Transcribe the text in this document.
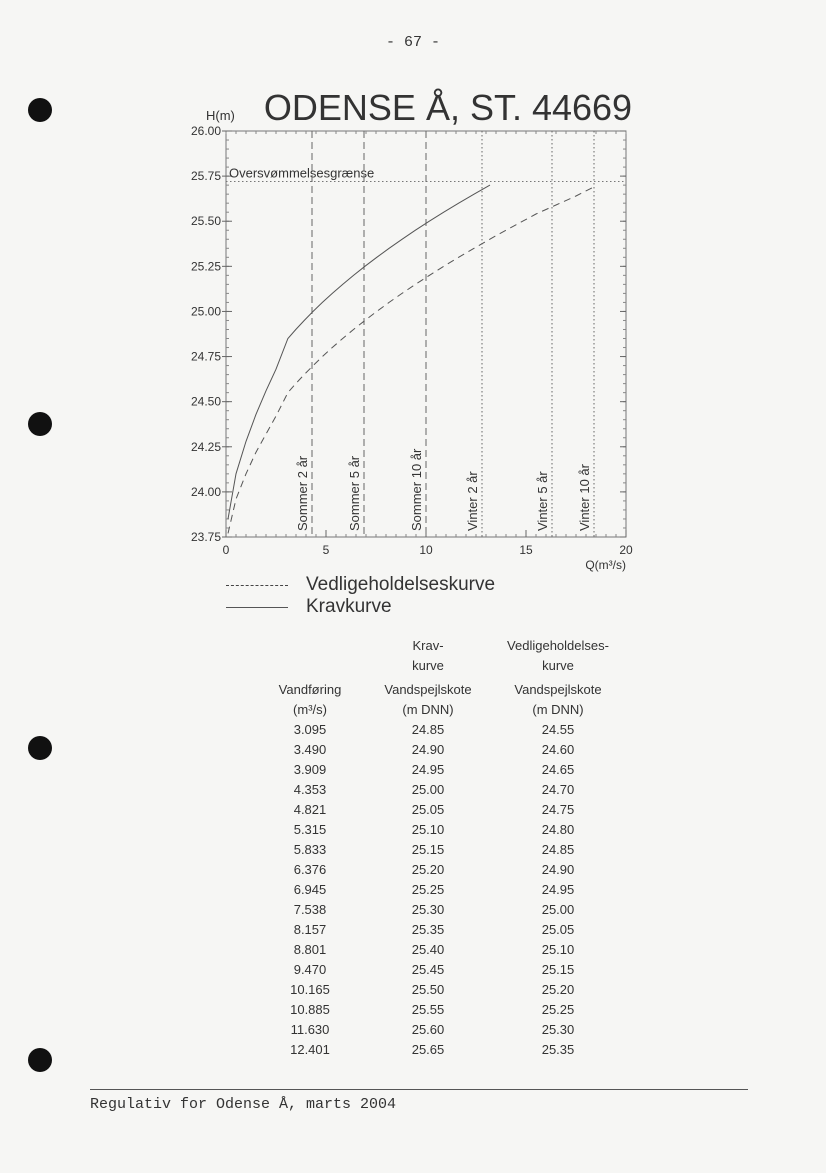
- 67 -
ODENSE Å, ST. 44669
H(m)
26.00
25.75
25.50
25.25
25.00
24.75
24.50
24.25
24.00
23.75
0	5	10	15	20
Q(m³/s)
Oversvømmelsesgrænse
Sommer 2 år	Sommer 5 år	Sommer 10 år	Vinter 2 år	Vinter 5 år Vinter 10 år
Vedligeholdelseskurve
Kravkurve
	Krav-	Vedligeholdelses-
	kurve	kurve
Vandføring	Vandspejlskote	Vandspejlskote
(m³/s)	(m DNN)	(m DNN)
3.095	24.85	24.55
3.490	24.90	24.60
3.909	24.95	24.65
4.353	25.00	24.70
4.821	25.05	24.75
5.315	25.10	24.80
5.833	25.15	24.85
6.376	25.20	24.90
6.945	25.25	24.95
7.538	25.30	25.00
8.157	25.35	25.05
8.801	25.40	25.10
9.470	25.45	25.15
10.165	25.50	25.20
10.885	25.55	25.25
11.630	25.60	25.30
12.401	25.65	25.35
Regulativ for Odense Å, marts 2004
